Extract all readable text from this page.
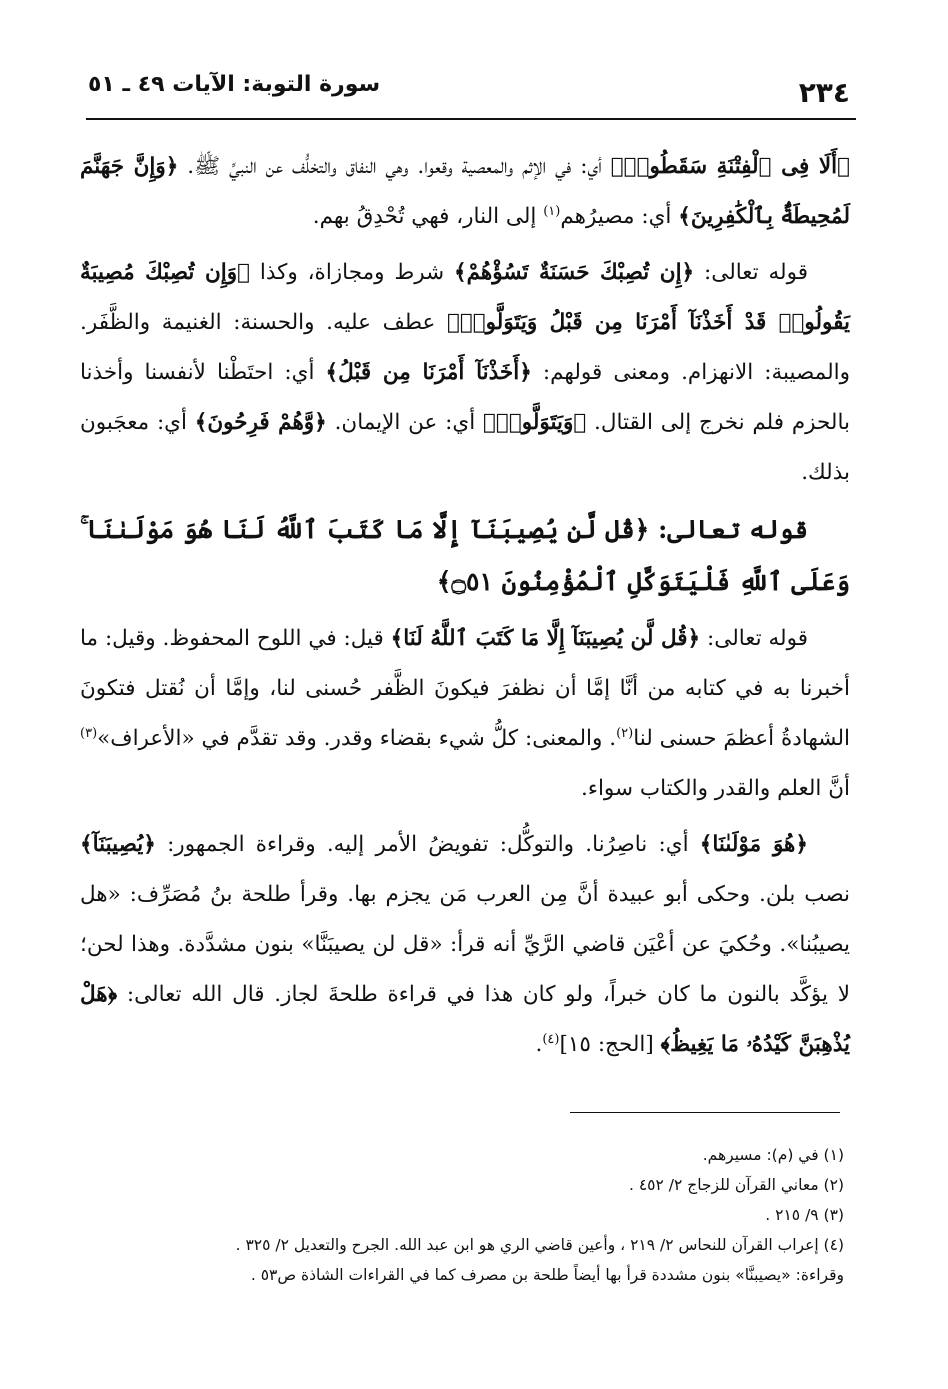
٢٣٤
سورة التوبة: الآيات ٤٩ ـ ٥١

﴿أَلَا فِى ٱلْفِتْنَةِ سَقَطُوا۟﴾ أي: في الإثم والمعصية وقعوا. وهي النفاق والتخلُّف عن النبيِّ ﷺ. ﴿وَإِنَّ جَهَنَّمَ لَمُحِيطَةٌۢ بِٱلْكَٰفِرِينَ﴾ أي: مصيرُهم$^{(١)}$ إلى النار، فهي تُحْدِقُ بهم.

قوله تعالى: ﴿إِن تُصِبْكَ حَسَنَةٌ تَسُؤْهُمْ﴾ شرط ومجازاة، وكذا ﴿وَإِن تُصِبْكَ مُصِيبَةٌ يَقُولُوا۟ قَدْ أَخَذْنَآ أَمْرَنَا مِن قَبْلُ وَيَتَوَلَّوا۟﴾ عطف عليه. والحسنة: الغنيمة والظَّفَر. والمصيبة: الانهزام. ومعنى قولهم: ﴿أَخَذْنَآ أَمْرَنَا مِن قَبْلُ﴾ أي: احتَطْنا لأنفسنا وأخذنا بالحزم فلم نخرج إلى القتال. ﴿وَيَتَوَلَّوا۟﴾ أي: عن الإيمان. ﴿وَّهُمْ فَرِحُونَ﴾ أي: معجَبون بذلك.

قوله تعالى: ﴿قُل لَّن يُصِيبَنَآ إِلَّا مَا كَتَبَ ٱللَّهُ لَنَا هُوَ مَوْلَىٰنَا ۚ وَعَلَى ٱللَّهِ فَلْيَتَوَكَّلِ ٱلْمُؤْمِنُونَ ۝٥١﴾

قوله تعالى: ﴿قُل لَّن يُصِيبَنَآ إِلَّا مَا كَتَبَ ٱللَّهُ لَنَا﴾ قيل: في اللوح المحفوظ. وقيل: ما أخبرنا به في كتابه من أنَّا إمَّا أن نظفرَ فيكونَ الظَّفر حُسنى لنا، وإمَّا أن نُقتل فتكونَ الشهادةُ أعظمَ حسنى لنا$^{(٢)}$. والمعنى: كلُّ شيء بقضاء وقدر. وقد تقدَّم في «الأعراف»$^{(٣)}$ أنَّ العلم والقدر والكتاب سواء.

﴿هُوَ مَوْلَىٰنَا﴾ أي: ناصِرُنا. والتوكُّل: تفويضُ الأمر إليه. وقراءة الجمهور: ﴿يُصِيبَنَآ﴾ نصب بلن. وحكى أبو عبيدة أنَّ مِن العرب مَن يجزم بها. وقرأ طلحة بنُ مُصَرِّف: «هل يصيبُنا». وحُكيَ عن أعْيَن قاضي الرَّيِّ أنه قرأ: «قل لن يصيبَنَّا» بنون مشدَّدة. وهذا لحن؛ لا يؤكَّد بالنون ما كان خبراً، ولو كان هذا في قراءة طلحةَ لجاز. قال الله تعالى: ﴿هَلْ يُذْهِبَنَّ كَيْدُهُۥ مَا يَغِيظُ﴾ [الحج: ١٥]$^{(٤)}$.

(١) في (م): مسيرهم.

(٢) معاني القرآن للزجاج ٢/ ٤٥٢ .

(٣) ٩/ ٢١٥ .

(٤) إعراب القرآن للنحاس ٢/ ٢١٩ ، وأعين قاضي الري هو ابن عبد الله. الجرح والتعديل ٢/ ٣٢٥ .

وقراءة: «يصيبنَّا» بنون مشددة قرأ بها أيضاً طلحة بن مصرف كما في القراءات الشاذة ص٥٣ .
